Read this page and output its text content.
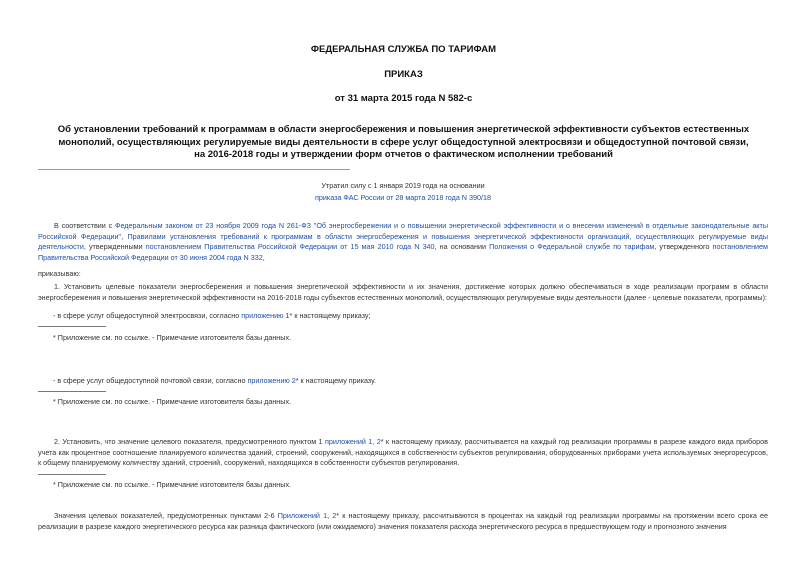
ФЕДЕРАЛЬНАЯ СЛУЖБА ПО ТАРИФАМ
ПРИКАЗ
от 31 марта 2015 года N 582-с
Об установлении требований к программам в области энергосбережения и повышения энергетической эффективности субъектов естественных монополий, осуществляющих регулируемые виды деятельности в сфере услуг общедоступной электросвязи и общедоступной почтовой связи, на 2016-2018 годы и утверждении форм отчетов о фактическом исполнении требований
Утратил силу с 1 января 2019 года на основании
приказа ФАС России от 28 марта 2018 года N 390/18
В соответствии с Федеральным законом от 23 ноября 2009 года N 261-ФЗ "Об энергосбережении и о повышении энергетической эффективности и о внесении изменений в отдельные законодательные акты Российской Федерации", Правилами установления требований к программам в области энергосбережения и повышения энергетической эффективности организаций, осуществляющих регулируемые виды деятельности, утвержденными постановлением Правительства Российской Федерации от 15 мая 2010 года N 340, на основании Положения о Федеральной службе по тарифам, утвержденного постановлением Правительства Российской Федерации от 30 июня 2004 года N 332,
приказываю:
1. Установить целевые показатели энергосбережения и повышения энергетической эффективности и их значения, достижение которых должно обеспечиваться в ходе реализации программ в области энергосбережения и повышения энергетической эффективности на 2016-2018 годы субъектов естественных монополий, осуществляющих регулируемые виды деятельности (далее - целевые показатели, программы):
- в сфере услуг общедоступной электросвязи, согласно приложению 1* к настоящему приказу;
* Приложение см. по ссылке. - Примечание изготовителя базы данных.
- в сфере услуг общедоступной почтовой связи, согласно приложению 2* к настоящему приказу.
* Приложение см. по ссылке. - Примечание изготовителя базы данных.
2. Установить, что значение целевого показателя, предусмотренного пунктом 1 приложений 1, 2* к настоящему приказу, рассчитывается на каждый год реализации программы в разрезе каждого вида приборов учета как процентное соотношение планируемого количества зданий, строений, сооружений, находящихся в собственности субъектов регулирования, оборудованных приборами учета используемых энергоресурсов, к общему планируемому количеству зданий, строений, сооружений, находящихся в собственности субъектов регулирования.
* Приложение см. по ссылке. - Примечание изготовителя базы данных.
Значения целевых показателей, предусмотренных пунктами 2-6 Приложений 1, 2* к настоящему приказу, рассчитываются в процентах на каждый год реализации программы на протяжении всего срока ее реализации в разрезе каждого энергетического ресурса как разница фактического (или ожидаемого) значения показателя расхода энергетического ресурса в предшествующем году и прогнозного значения
